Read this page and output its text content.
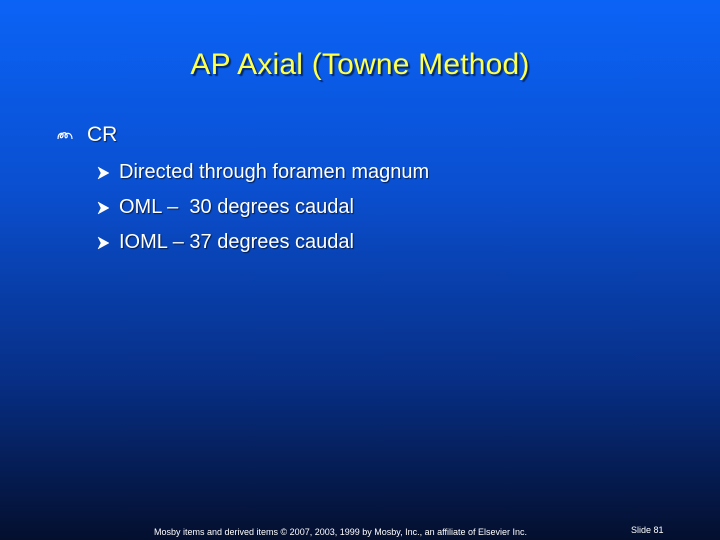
AP Axial (Towne Method)
CR
Directed through foramen magnum
OML –  30 degrees caudal
IOML – 37 degrees caudal
Mosby items and derived items © 2007, 2003, 1999 by Mosby, Inc., an affiliate of Elsevier Inc.	Slide 81
